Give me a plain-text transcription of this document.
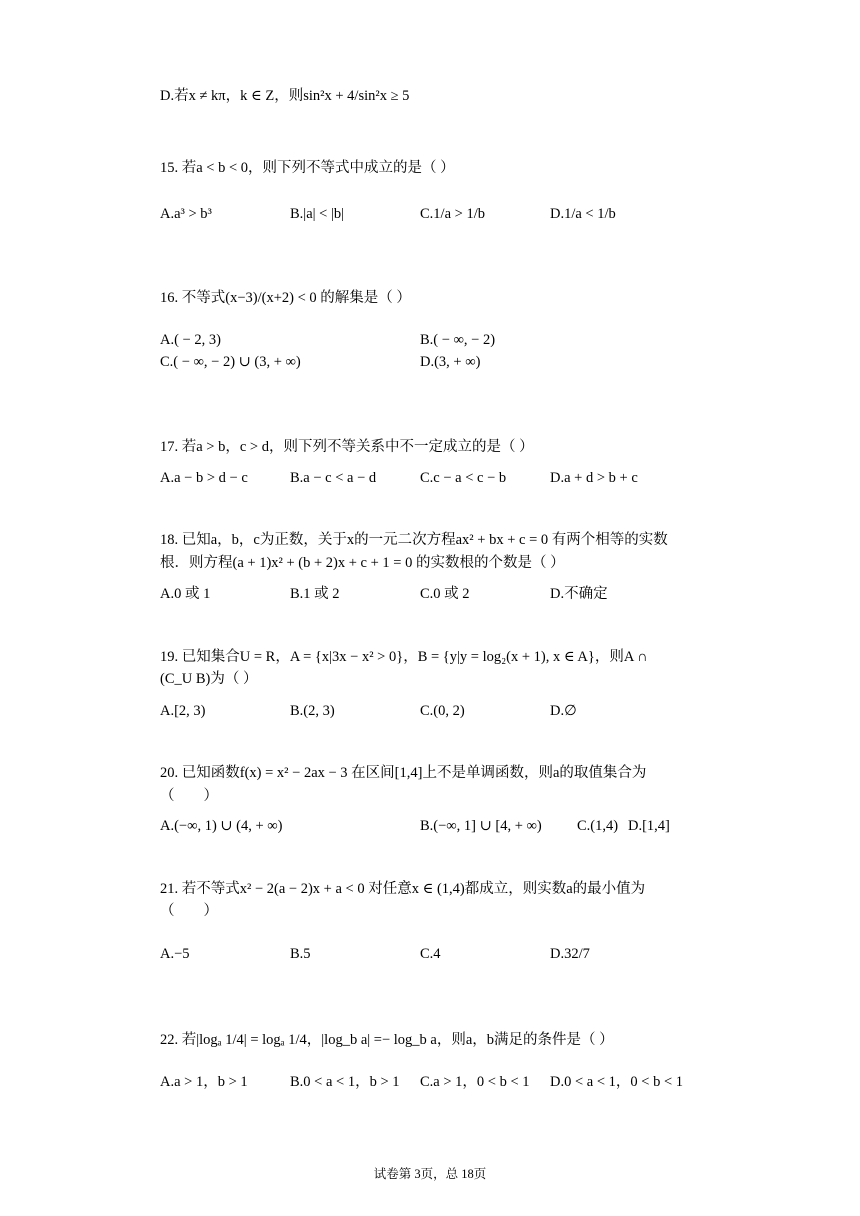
D.若x ≠ kπ，k ∈ Z，则sin²x + 4/sin²x ≥ 5
15. 若a < b < 0，则下列不等式中成立的是（ ）
A.a³ > b³	B.|a| < |b|	C.1/a > 1/b	D.1/a < 1/b
16. 不等式(x−3)/(x+2) < 0 的解集是（ ）
A.( − 2, 3)	B.( − ∞, − 2)
C.( − ∞, − 2) ∪ (3, + ∞)	D.(3, + ∞)
17. 若a > b，c > d，则下列不等关系中不一定成立的是（ ）
A.a − b > d − c	B.a − c < a − d	C.c − a < c − b	D.a + d > b + c
18. 已知a，b，c为正数，关于x的一元二次方程ax² + bx + c = 0 有两个相等的实数
根．则方程(a + 1)x² + (b + 2)x + c + 1 = 0 的实数根的个数是（ ）
A.0 或 1	B.1 或 2	C.0 或 2	D.不确定
19. 已知集合U = R，A = {x|3x − x² > 0}，B = {y|y = log₂(x + 1), x ∈ A}，则A ∩
(C_U B)为（ ）
A.[2, 3)	B.(2, 3)	C.(0, 2)	D.∅
20. 已知函数f(x) = x² − 2ax − 3 在区间[1,4]上不是单调函数，则a的取值集合为
（　　）
A.(−∞, 1) ∪ (4, + ∞)	B.(−∞, 1] ∪ [4, + ∞) C.(1,4) D.[1,4]
21. 若不等式x² − 2(a − 2)x + a < 0 对任意x ∈ (1,4)都成立，则实数a的最小值为
（　　）
A.−5	B.5	C.4	D.32/7
22. 若|logₐ 1/4| = logₐ 1/4，|log_b a| =− log_b a，则a，b满足的条件是（ ）
A.a > 1，b > 1	B.0 < a < 1，b > 1 C.a > 1，0 < b < 1 D.0 < a < 1，0 < b < 1
试卷第 3页，总 18页
